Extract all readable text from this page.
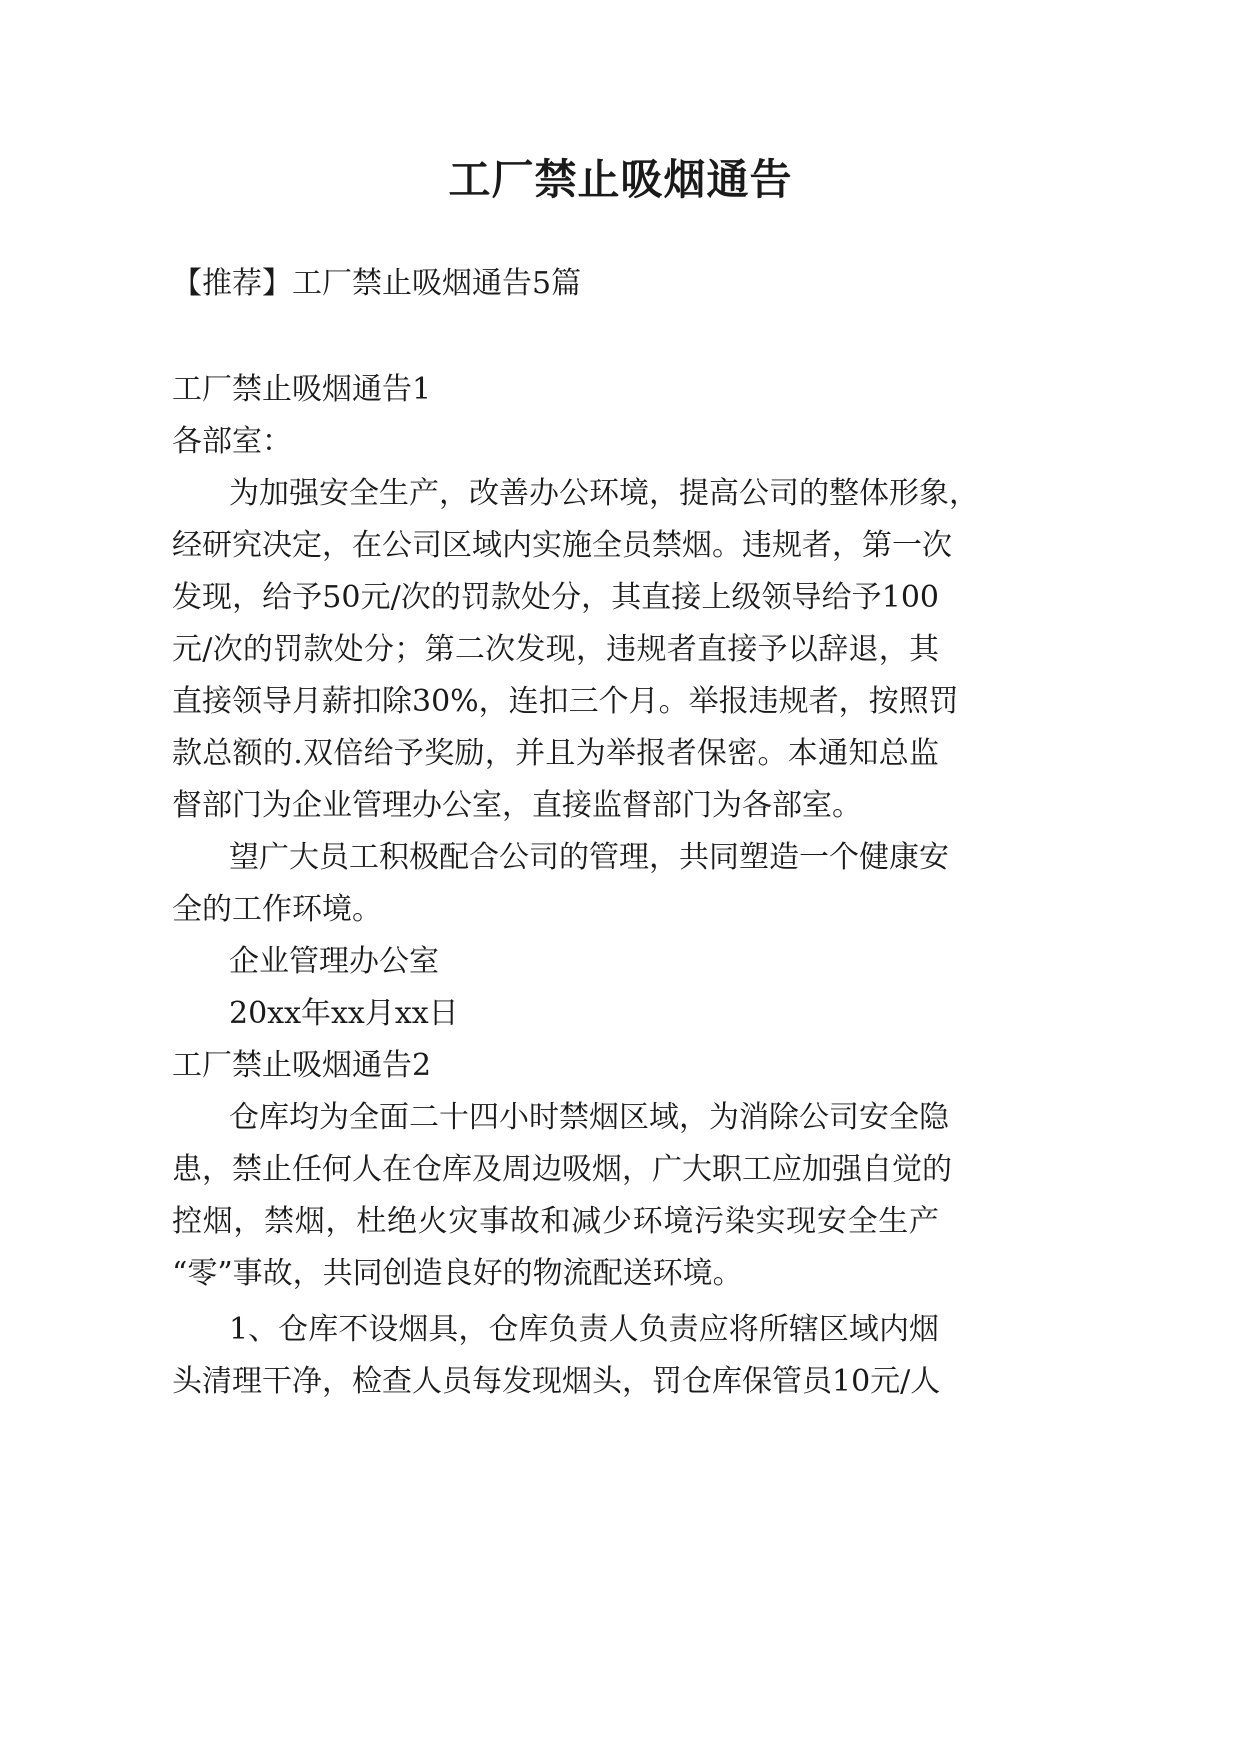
工厂禁止吸烟通告

【推荐】工厂禁止吸烟通告5篇

工厂禁止吸烟通告1

各部室：

为加强安全生产，改善办公环境，提高公司的整体形象，

经研究决定，在公司区域内实施全员禁烟。违规者，第一次

发现，给予50元/次的罚款处分，其直接上级领导给予100

元/次的罚款处分；第二次发现，违规者直接予以辞退，其

直接领导月薪扣除30%，连扣三个月。举报违规者，按照罚

款总额的.双倍给予奖励，并且为举报者保密。本通知总监

督部门为企业管理办公室，直接监督部门为各部室。

望广大员工积极配合公司的管理，共同塑造一个健康安

全的工作环境。

企业管理办公室

20xx年xx月xx日

工厂禁止吸烟通告2

仓库均为全面二十四小时禁烟区域，为消除公司安全隐

患，禁止任何人在仓库及周边吸烟，广大职工应加强自觉的

控烟，禁烟，杜绝火灾事故和减少环境污染实现安全生产

“零”事故，共同创造良好的物流配送环境。

1、仓库不设烟具，仓库负责人负责应将所辖区域内烟

头清理干净，检查人员每发现烟头，罚仓库保管员10元/人
